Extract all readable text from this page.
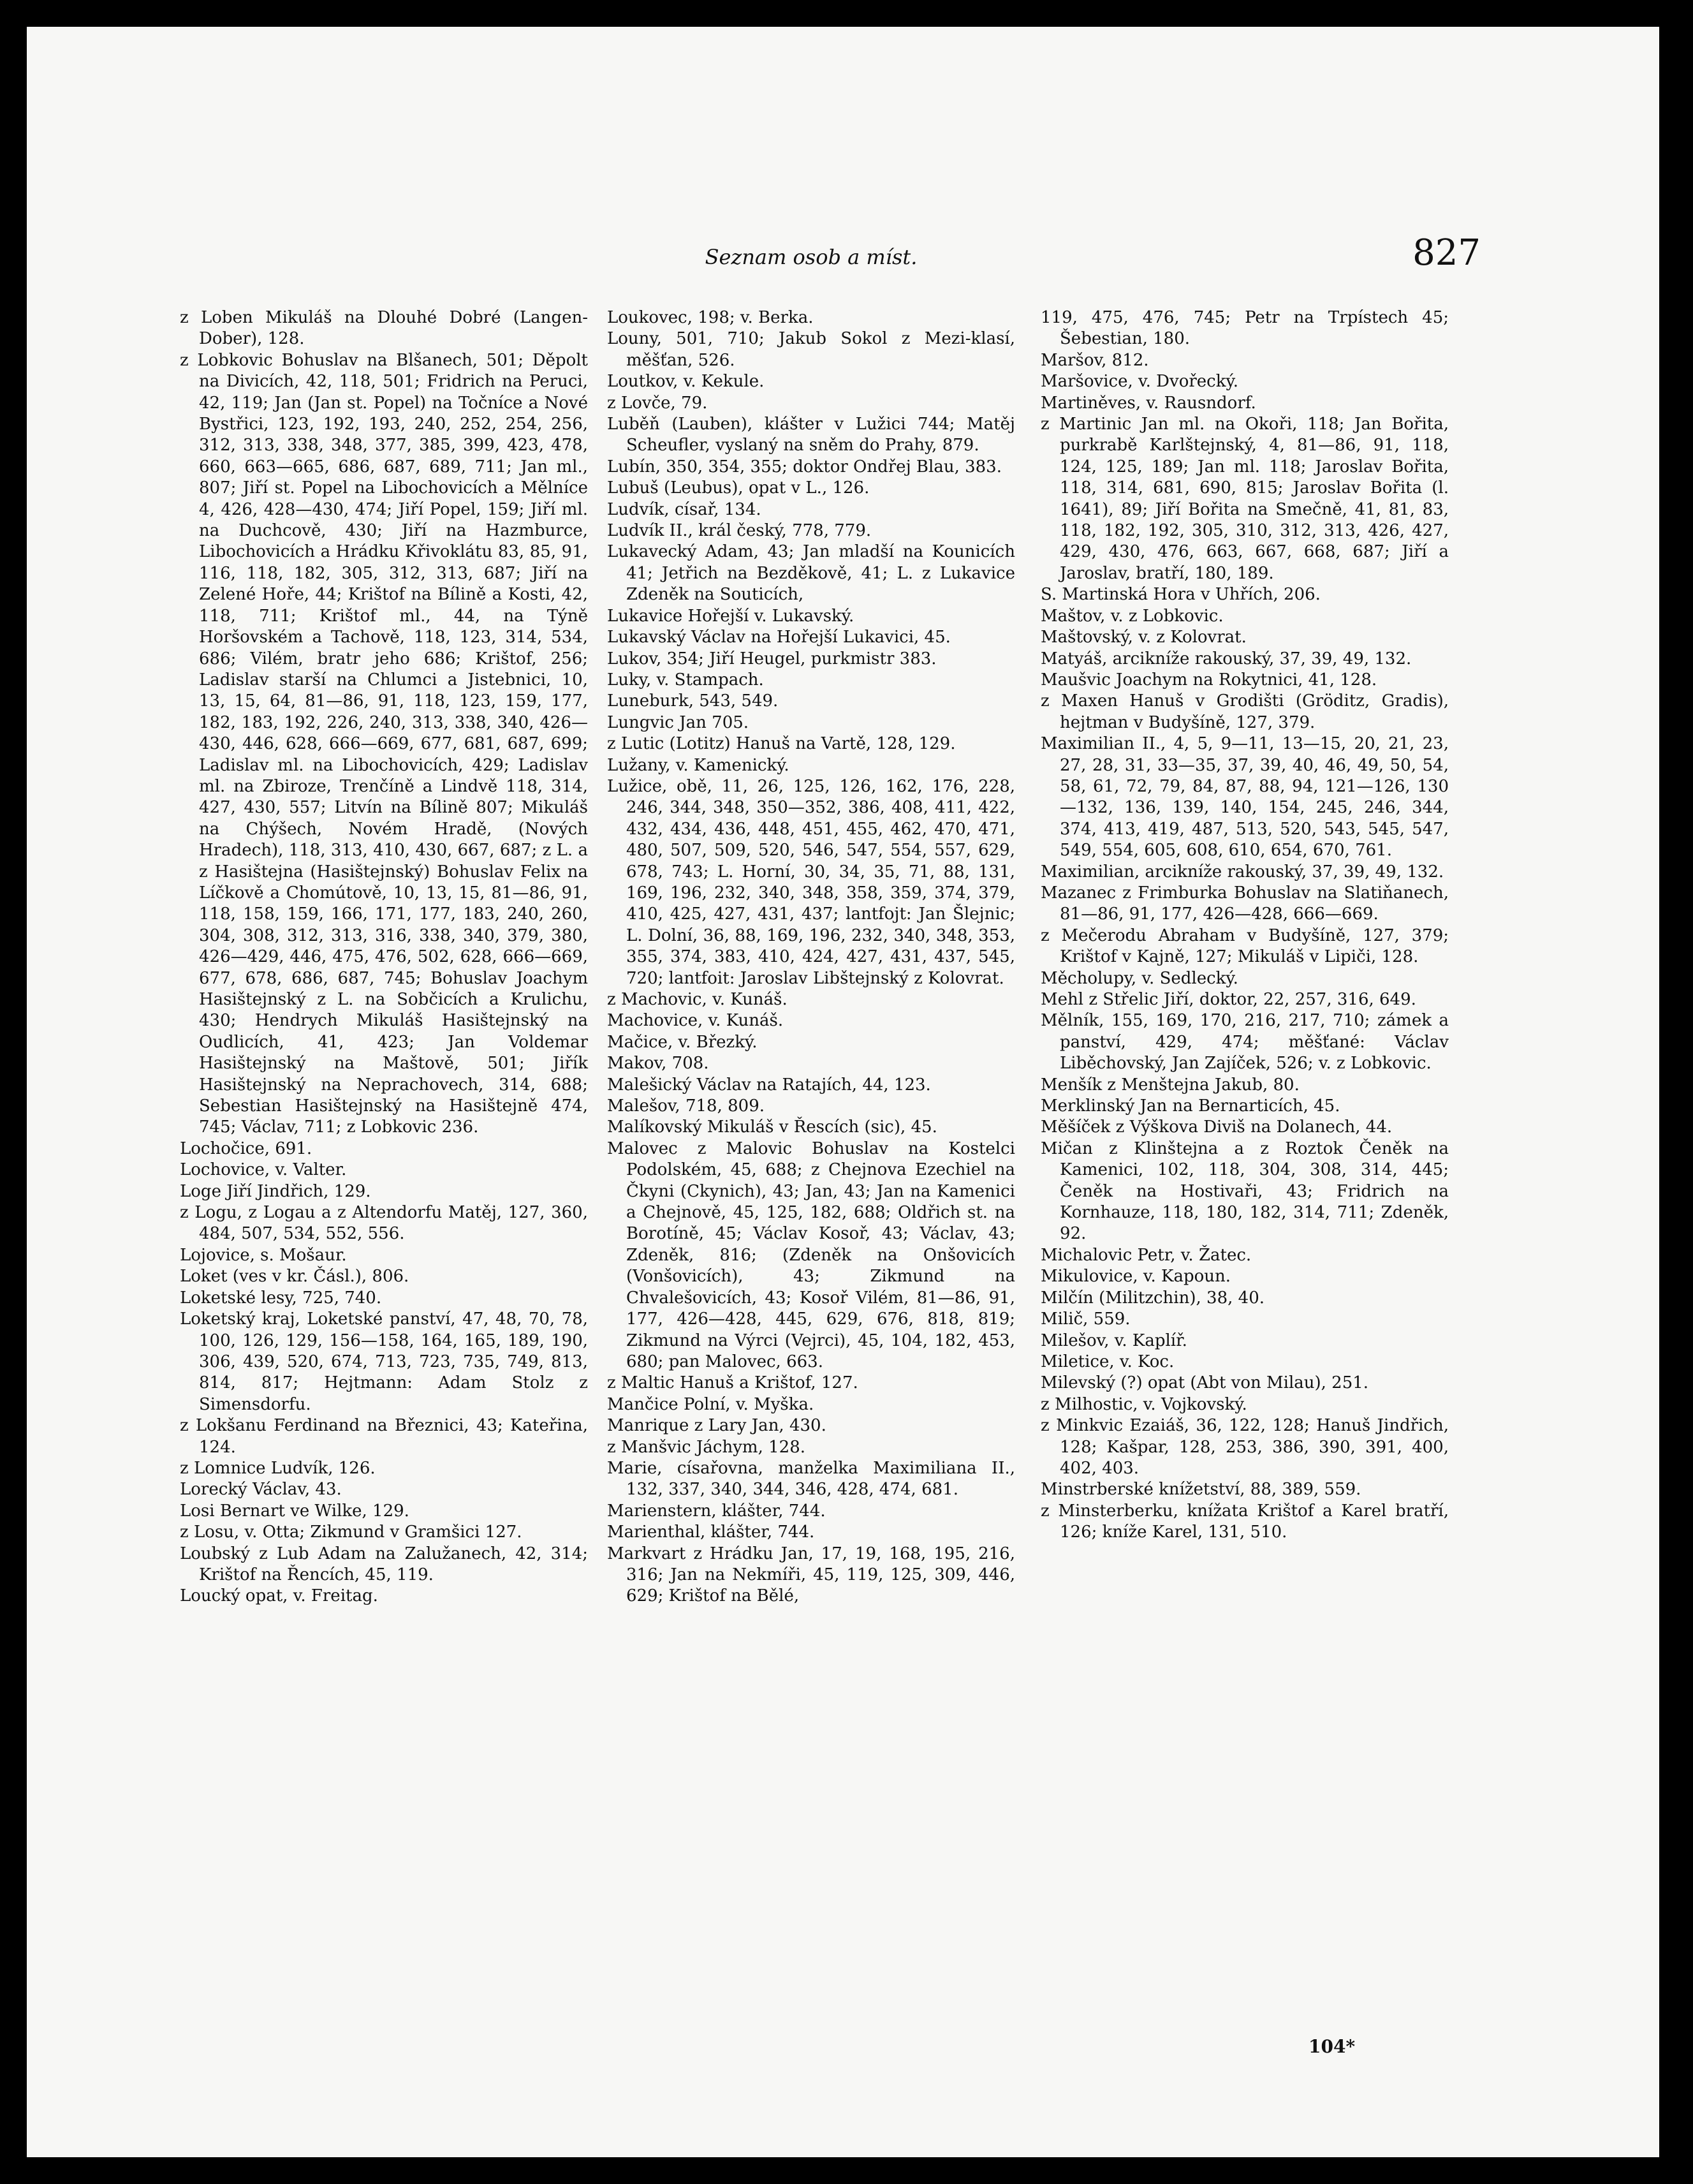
Seznam osob a míst.	827

z Loben Mikuláš na Dlouhé Dobré (Langen-Dober), 128.

z Lobkovic Bohuslav na Blšanech, 501; Děpolt na Divicích, 42, 118, 501; Fridrich na Peruci, 42, 119; Jan (Jan st. Popel) na Točníce a Nové Bystřici, 123, 192, 193, 240, 252, 254, 256, 312, 313, 338, 348, 377, 385, 399, 423, 478, 660, 663—665, 686, 687, 689, 711; Jan ml., 807; Jiří st. Popel na Libochovicích a Mělníce 4, 426, 428—430, 474; Jiří Popel, 159; Jiří ml. na Duchcově, 430; Jiří na Hazmburce, Libochovicích a Hrádku Křivoklátu 83, 85, 91, 116, 118, 182, 305, 312, 313, 687; Jiří na Zelené Hoře, 44; Krištof na Bílině a Kosti, 42, 118, 711; Krištof ml., 44, na Týně Horšovském a Tachově, 118, 123, 314, 534, 686; Vilém, bratr jeho 686; Krištof, 256; Ladislav starší na Chlumci a Jistebnici, 10, 13, 15, 64, 81—86, 91, 118, 123, 159, 177, 182, 183, 192, 226, 240, 313, 338, 340, 426—430, 446, 628, 666—669, 677, 681, 687, 699; Ladislav ml. na Libochovicích, 429; Ladislav ml. na Zbiroze, Trenčíně a Lindvě 118, 314, 427, 430, 557; Litvín na Bílině 807; Mikuláš na Chýšech, Novém Hradě, (Nových Hradech), 118, 313, 410, 430, 667, 687; z L. a z Hasištejna (Hasištejnský) Bohuslav Felix na Líčkově a Chomútově, 10, 13, 15, 81—86, 91, 118, 158, 159, 166, 171, 177, 183, 240, 260, 304, 308, 312, 313, 316, 338, 340, 379, 380, 426—429, 446, 475, 476, 502, 628, 666—669, 677, 678, 686, 687, 745; Bohuslav Joachym Hasištejnský z L. na Sobčicích a Krulichu, 430; Hendrych Mikuláš Hasištejnský na Oudlicích, 41, 423; Jan Voldemar Hasištejnský na Maštově, 501; Jiřík Hasištejnský na Neprachovech, 314, 688; Sebestian Hasištejnský na Hasištejně 474, 745; Václav, 711; z Lobkovic 236.

Lochočice, 691.

Lochovice, v. Valter.

Loge Jiří Jindřich, 129.

z Logu, z Logau a z Altendorfu Matěj, 127, 360, 484, 507, 534, 552, 556.

Lojovice, s. Mošaur.

Loket (ves v kr. Čásl.), 806.

Loketské lesy, 725, 740.

Loketský kraj, Loketské panství, 47, 48, 70, 78, 100, 126, 129, 156—158, 164, 165, 189, 190, 306, 439, 520, 674, 713, 723, 735, 749, 813, 814, 817; Hejtmann: Adam Stolz z Simensdorfu.

z Lokšanu Ferdinand na Březnici, 43; Kateřina, 124.

z Lomnice Ludvík, 126.

Lorecký Václav, 43.

Losi Bernart ve Wilke, 129.

z Losu, v. Otta; Zikmund v Gramšici 127.

Loubský z Lub Adam na Zalužanech, 42, 314; Krištof na Řencích, 45, 119.

Loucký opat, v. Freitag.

Loukovec, 198; v. Berka.

Louny, 501, 710; Jakub Sokol z Mezi-klasí, měšťan, 526.

Loutkov, v. Kekule.

z Lovče, 79.

Luběň (Lauben), klášter v Lužici 744; Matěj Scheufler, vyslaný na sněm do Prahy, 879.

Lubín, 350, 354, 355; doktor Ondřej Blau, 383.

Lubuš (Leubus), opat v L., 126.

Ludvík, císař, 134.

Ludvík II., král český, 778, 779.

Lukavecký Adam, 43; Jan mladší na Kounicích 41; Jetřich na Bezděkově, 41; L. z Lukavice Zdeněk na Souticích,

Lukavice Hořejší v. Lukavský.

Lukavský Václav na Hořejší Lukavici, 45.

Lukov, 354; Jiří Heugel, purkmistr 383.

Luky, v. Stampach.

Luneburk, 543, 549.

Lungvic Jan 705.

z Lutic (Lotitz) Hanuš na Vartě, 128, 129.

Lužany, v. Kamenický.

Lužice, obě, 11, 26, 125, 126, 162, 176, 228, 246, 344, 348, 350—352, 386, 408, 411, 422, 432, 434, 436, 448, 451, 455, 462, 470, 471, 480, 507, 509, 520, 546, 547, 554, 557, 629, 678, 743; L. Horní, 30, 34, 35, 71, 88, 131, 169, 196, 232, 340, 348, 358, 359, 374, 379, 410, 425, 427, 431, 437; lantfojt: Jan Šlejnic; L. Dolní, 36, 88, 169, 196, 232, 340, 348, 353, 355, 374, 383, 410, 424, 427, 431, 437, 545, 720; lantfoit: Jaroslav Libštejnský z Kolovrat.

z Machovic, v. Kunáš.

Machovice, v. Kunáš.

Mačice, v. Březký.

Makov, 708.

Malešický Václav na Ratajích, 44, 123.

Malešov, 718, 809.

Malíkovský Mikuláš v Řescích (sic), 45.

Malovec z Malovic Bohuslav na Kostelci Podolském, 45, 688; z Chejnova Ezechiel na Čkyni (Ckynich), 43; Jan, 43; Jan na Kamenici a Chejnově, 45, 125, 182, 688; Oldřich st. na Borotíně, 45; Václav Kosoř, 43; Václav, 43; Zdeněk, 816; (Zdeněk na Onšovicích (Vonšovicích), 43; Zikmund na Chvalešovicích, 43; Kosoř Vilém, 81—86, 91, 177, 426—428, 445, 629, 676, 818, 819; Zikmund na Výrci (Vejrci), 45, 104, 182, 453, 680; pan Malovec, 663.

z Maltic Hanuš a Krištof, 127.

Mančice Polní, v. Myška.

Manrique z Lary Jan, 430.

z Manšvic Jáchym, 128.

Marie, císařovna, manželka Maximiliana II., 132, 337, 340, 344, 346, 428, 474, 681.

Marienstern, klášter, 744.

Marienthal, klášter, 744.

Markvart z Hrádku Jan, 17, 19, 168, 195, 216, 316; Jan na Nekmíři, 45, 119, 125, 309, 446, 629; Krištof na Bělé,

119, 475, 476, 745; Petr na Trpístech 45; Šebestian, 180.

Maršov, 812.

Maršovice, v. Dvořecký.

Martiněves, v. Rausndorf.

z Martinic Jan ml. na Okoři, 118; Jan Bořita, purkrabě Karlštejnský, 4, 81—86, 91, 118, 124, 125, 189; Jan ml. 118; Jaroslav Bořita, 118, 314, 681, 690, 815; Jaroslav Bořita (l. 1641), 89; Jiří Bořita na Smečně, 41, 81, 83, 118, 182, 192, 305, 310, 312, 313, 426, 427, 429, 430, 476, 663, 667, 668, 687; Jiří a Jaroslav, bratří, 180, 189.

S. Martinská Hora v Uhřích, 206.

Maštov, v. z Lobkovic.

Maštovský, v. z Kolovrat.

Matyáš, arcikníže rakouský, 37, 39, 49, 132.

Maušvic Joachym na Rokytnici, 41, 128.

z Maxen Hanuš v Grodišti (Gröditz, Gradis), hejtman v Budyšíně, 127, 379.

Maximilian II., 4, 5, 9—11, 13—15, 20, 21, 23, 27, 28, 31, 33—35, 37, 39, 40, 46, 49, 50, 54, 58, 61, 72, 79, 84, 87, 88, 94, 121—126, 130—132, 136, 139, 140, 154, 245, 246, 344, 374, 413, 419, 487, 513, 520, 543, 545, 547, 549, 554, 605, 608, 610, 654, 670, 761.

Maximilian, arcikníže rakouský, 37, 39, 49, 132.

Mazanec z Frimburka Bohuslav na Slatiňanech, 81—86, 91, 177, 426—428, 666—669.

z Mečerodu Abraham v Budyšíně, 127, 379; Krištof v Kajně, 127; Mikuláš v Lipiči, 128.

Měcholupy, v. Sedlecký.

Mehl z Střelic Jiří, doktor, 22, 257, 316, 649.

Mělník, 155, 169, 170, 216, 217, 710; zámek a panství, 429, 474; měšťané: Václav Liběchovský, Jan Zajíček, 526; v. z Lobkovic.

Menšík z Menštejna Jakub, 80.

Merklinský Jan na Bernarticích, 45.

Měšíček z Výškova Diviš na Dolanech, 44.

Mičan z Klinštejna a z Roztok Čeněk na Kamenici, 102, 118, 304, 308, 314, 445; Čeněk na Hostivaři, 43; Fridrich na Kornhauze, 118, 180, 182, 314, 711; Zdeněk, 92.

Michalovic Petr, v. Žatec.

Mikulovice, v. Kapoun.

Milčín (Militzchin), 38, 40.

Milič, 559.

Milešov, v. Kaplíř.

Miletice, v. Koc.

Milevský (?) opat (Abt von Milau), 251.

z Milhostic, v. Vojkovský.

z Minkvic Ezaiáš, 36, 122, 128; Hanuš Jindřich, 128; Kašpar, 128, 253, 386, 390, 391, 400, 402, 403.

Minstrberské knížetství, 88, 389, 559.

z Minsterberku, knížata Krištof a Karel bratří, 126; kníže Karel, 131, 510.

104*
